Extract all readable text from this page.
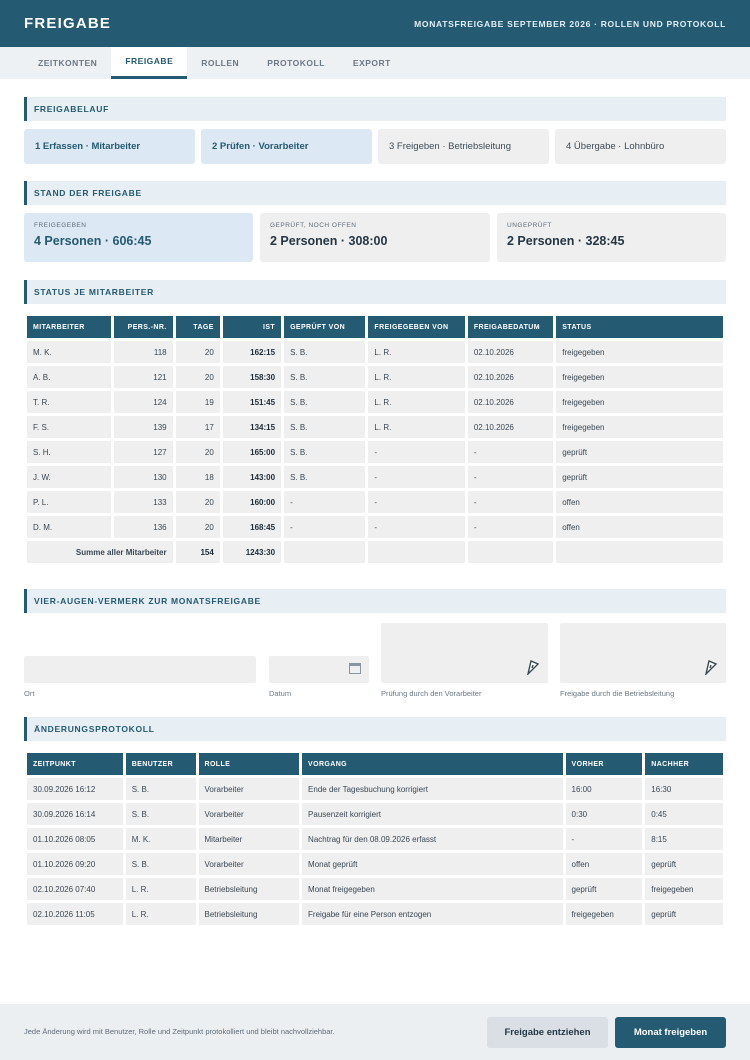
FREIGABE	MONATSFREIGABE SEPTEMBER 2026 · ROLLEN UND PROTOKOLL
ZEITKONTEN	FREIGABE	ROLLEN	PROTOKOLL	EXPORT
FREIGABELAUF
1 Erfassen · Mitarbeiter	2 Prüfen · Vorarbeiter	3 Freigeben · Betriebsleitung	4 Übergabe · Lohnbüro
STAND DER FREIGABE
FREIGEGEBEN
4 Personen · 606:45
GEPRÜFT, NOCH OFFEN
2 Personen · 308:00
UNGEPRÜFT
2 Personen · 328:45
STATUS JE MITARBEITER
MITARBEITER	PERS.-NR.	TAGE	IST	GEPRÜFT VON	FREIGEGEBEN VON	FREIGABEDATUM	STATUS
M. K.	118	20	162:15	S. B.	L. R.	02.10.2026	freigegeben
A. B.	121	20	158:30	S. B.	L. R.	02.10.2026	freigegeben
T. R.	124	19	151:45	S. B.	L. R.	02.10.2026	freigegeben
F. S.	139	17	134:15	S. B.	L. R.	02.10.2026	freigegeben
S. H.	127	20	165:00	S. B.	-	-	geprüft
J. W.	130	18	143:00	S. B.	-	-	geprüft
P. L.	133	20	160:00	-	-	-	offen
D. M.	136	20	168:45	-	-	-	offen
Summe aller Mitarbeiter		154	1243:30				
VIER-AUGEN-VERMERK ZUR MONATSFREIGABE
Ort	Datum	Prüfung durch den Vorarbeiter	Freigabe durch die Betriebsleitung
ÄNDERUNGSPROTOKOLL
ZEITPUNKT	BENUTZER	ROLLE	VORGANG	VORHER	NACHHER
30.09.2026 16:12	S. B.	Vorarbeiter	Ende der Tagesbuchung korrigiert	16:00	16:30
30.09.2026 16:14	S. B.	Vorarbeiter	Pausenzeit korrigiert	0:30	0:45
01.10.2026 08:05	M. K.	Mitarbeiter	Nachtrag für den 08.09.2026 erfasst	-	8:15
01.10.2026 09:20	S. B.	Vorarbeiter	Monat geprüft	offen	geprüft
02.10.2026 07:40	L. R.	Betriebsleitung	Monat freigegeben	geprüft	freigegeben
02.10.2026 11:05	L. R.	Betriebsleitung	Freigabe für eine Person entzogen	freigegeben	geprüft
Jede Änderung wird mit Benutzer, Rolle und Zeitpunkt protokolliert und bleibt nachvollziehbar.	Freigabe entziehen	Monat freigeben
